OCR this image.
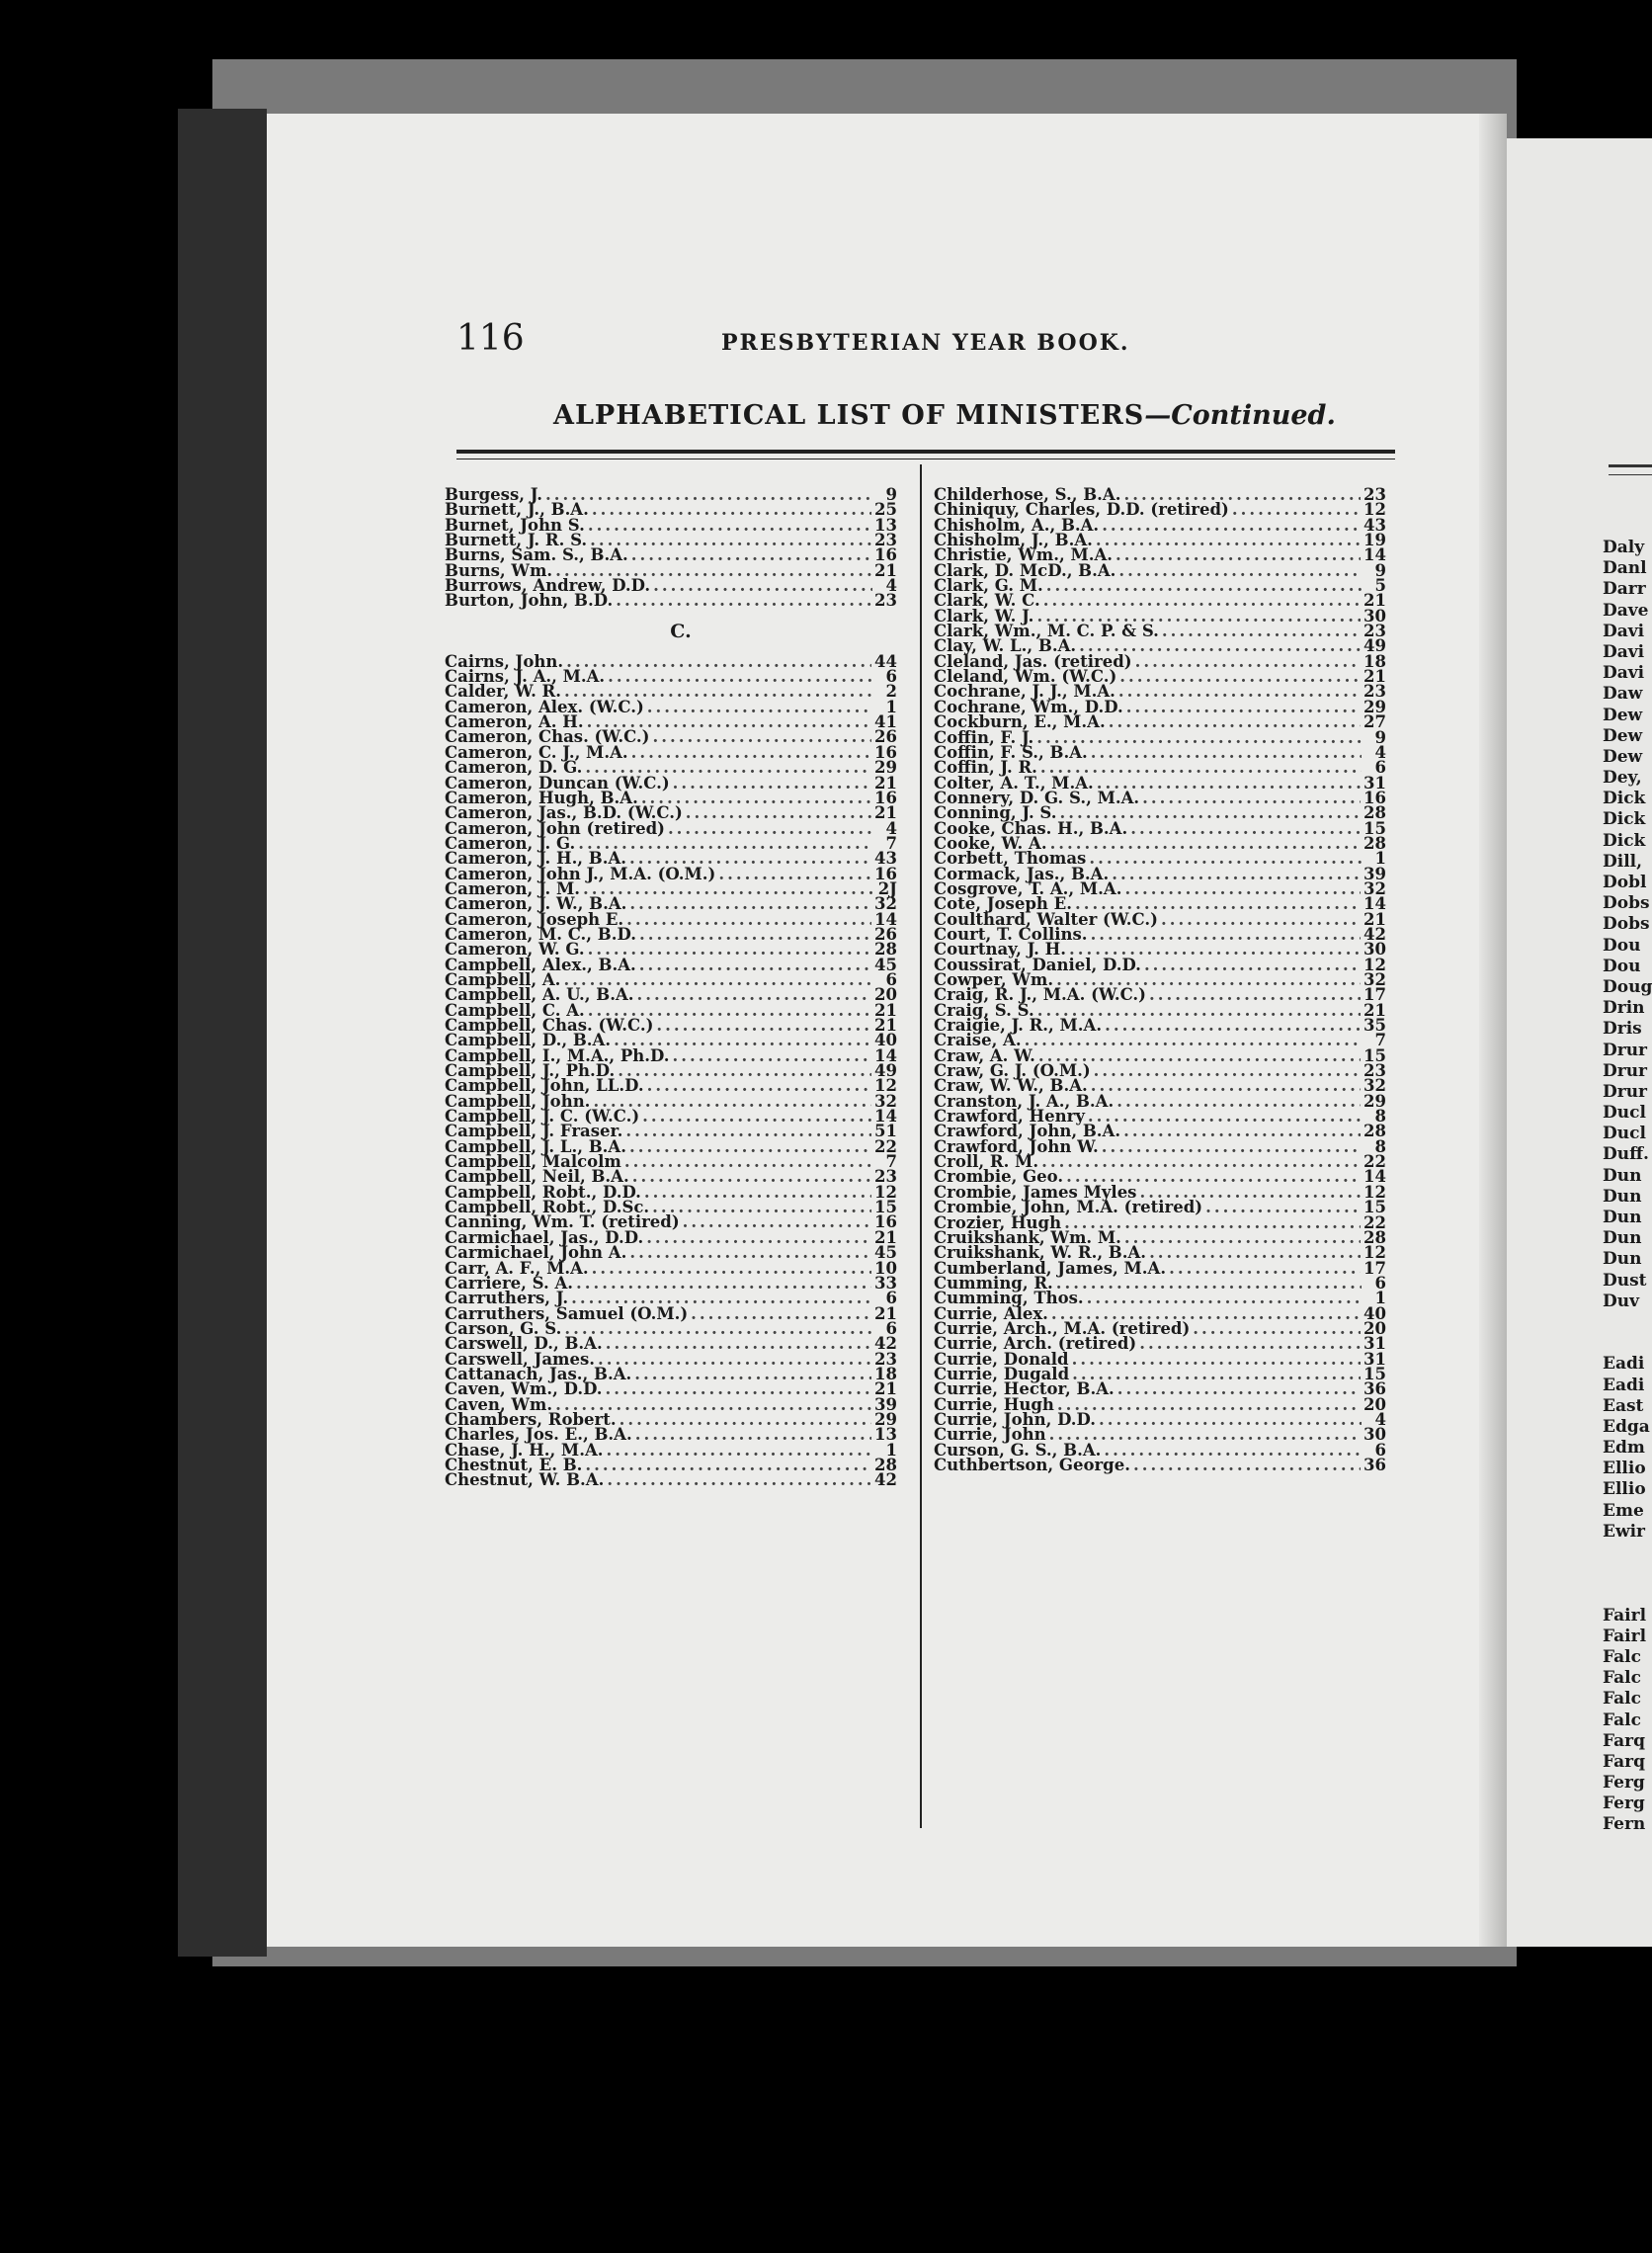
Daly
Danl
Darr
Dave
Davi
Davi
Davi
Daw
Dew
Dew
Dew
Dey,
Dick
Dick
Dick
Dill,
Dobl
Dobs
Dobs
Dou
Dou
Doug
Drin
Dris
Drur
Drur
Drur
Ducl
Ducl
Duff.
Dun
Dun
Dun
Dun
Dun
Dust
Duv
Eadi
Eadi
East
Edga
Edm
Ellio
Ellio
Eme
Ewir
Fairl
Fairl
Falc
Falc
Falc
Falc
Farq
Farq
Ferg
Ferg
Fern
116	PRESBYTERIAN YEAR BOOK.
ALPHABETICAL LIST OF MINISTERS—Continued.
Burgess, J. .....	9
Burnett, J., B.A. .....	25
Burnet, John S. .....	13
Burnett, J. R. S. .....	23
Burns, Sam. S., B.A. .....	16
Burns, Wm. .....	21
Burrows, Andrew, D.D. .....	4
Burton, John, B.D. .....	23
C.
Cairns, John. .....	44
Cairns, J. A., M.A. .....	6
Calder, W. R. .....	2
Cameron, Alex. (W.C.) .....	1
Cameron, A. H. .....	41
Cameron, Chas. (W.C.) .....	26
Cameron, C. J., M.A. .....	16
Cameron, D. G. .....	29
Cameron, Duncan (W.C.) .....	21
Cameron, Hugh, B.A. .....	16
Cameron, Jas., B.D. (W.C.) .....	21
Cameron, John (retired) .....	4
Cameron, J. G. .....	7
Cameron, J. H., B.A. .....	43
Cameron, John J., M.A. (O.M.) .....	16
Cameron, J. M. .....	2J
Cameron, J. W., B.A. .....	32
Cameron, Joseph E. .....	14
Cameron, M. C., B.D. .....	26
Cameron, W. G. .....	28
Campbell, Alex., B.A. .....	45
Campbell, A. .....	6
Campbell, A. U., B.A. .....	20
Campbell, C. A. .....	21
Campbell, Chas. (W.C.) .....	21
Campbell, D., B.A. .....	40
Campbell, I., M.A., Ph.D. .....	14
Campbell, J., Ph.D. .....	49
Campbell, John, LL.D. .....	12
Campbell, John. .....	32
Campbell, J. C. (W.C.) .....	14
Campbell, J. Fraser. .....	51
Campbell, J. L., B.A. .....	22
Campbell, Malcolm .....	7
Campbell, Neil, B.A. .....	23
Campbell, Robt., D.D. .....	12
Campbell, Robt., D.Sc. .....	15
Canning, Wm. T. (retired) .....	16
Carmichael, Jas., D.D. .....	21
Carmichael, John A. .....	45
Carr, A. F., M.A. .....	10
Carriere, S. A. .....	33
Carruthers, J. .....	6
Carruthers, Samuel (O.M.) .....	21
Carson, G. S. .....	6
Carswell, D., B.A. .....	42
Carswell, James. .....	23
Cattanach, Jas., B.A. .....	18
Caven, Wm., D.D. .....	21
Caven, Wm. .....	39
Chambers, Robert. .....	29
Charles, Jos. E., B.A. .....	13
Chase, J. H., M.A. .....	1
Chestnut, E. B. .....	28
Chestnut, W. B.A. .....	42
Childerhose, S., B.A. .....	23
Chiniquy, Charles, D.D. (retired) .....	12
Chisholm, A., B.A. .....	43
Chisholm, J., B.A. .....	19
Christie, Wm., M.A. .....	14
Clark, D. McD., B.A. .....	9
Clark, G. M. .....	5
Clark, W. C. .....	21
Clark, W. J. .....	30
Clark, Wm., M. C. P. & S. .....	23
Clay, W. L., B.A. .....	49
Cleland, Jas. (retired) .....	18
Cleland, Wm. (W.C.) .....	21
Cochrane, J. J., M.A. .....	23
Cochrane, Wm., D.D. .....	29
Cockburn, E., M.A. .....	27
Coffin, F. J. .....	9
Coffin, F. S., B.A. .....	4
Coffin, J. R. .....	6
Colter, A. T., M.A. .....	31
Connery, D. G. S., M.A. .....	16
Conning, J. S. .....	28
Cooke, Chas. H., B.A. .....	15
Cooke, W. A. .....	28
Corbett, Thomas .....	1
Cormack, Jas., B.A. .....	39
Cosgrove, T. A., M.A. .....	32
Cote, Joseph E. .....	14
Coulthard, Walter (W.C.) .....	21
Court, T. Collins. .....	42
Courtnay, J. H. .....	30
Coussirat, Daniel, D.D. .....	12
Cowper, Wm. .....	32
Craig, R. J., M.A. (W.C.) .....	17
Craig, S. S. .....	21
Craigie, J. R., M.A. .....	35
Craise, A. .....	7
Craw, A. W. .....	15
Craw, G. J. (O.M.) .....	23
Craw, W. W., B.A. .....	32
Cranston, J. A., B.A. .....	29
Crawford, Henry .....	8
Crawford, John, B.A. .....	28
Crawford, John W. .....	8
Croll, R. M. .....	22
Crombie, Geo. .....	14
Crombie, James Myles .....	12
Crombie, John, M.A. (retired) .....	15
Crozier, Hugh .....	22
Cruikshank, Wm. M. .....	28
Cruikshank, W. R., B.A. .....	12
Cumberland, James, M.A. .....	17
Cumming, R. .....	6
Cumming, Thos. .....	1
Currie, Alex. .....	40
Currie, Arch., M.A. (retired) .....	20
Currie, Arch. (retired) .....	31
Currie, Donald .....	31
Currie, Dugald .....	15
Currie, Hector, B.A. .....	36
Currie, Hugh .....	20
Currie, John, D.D. .....	4
Currie, John .....	30
Curson, G. S., B.A. .....	6
Cuthbertson, George. .....	36
